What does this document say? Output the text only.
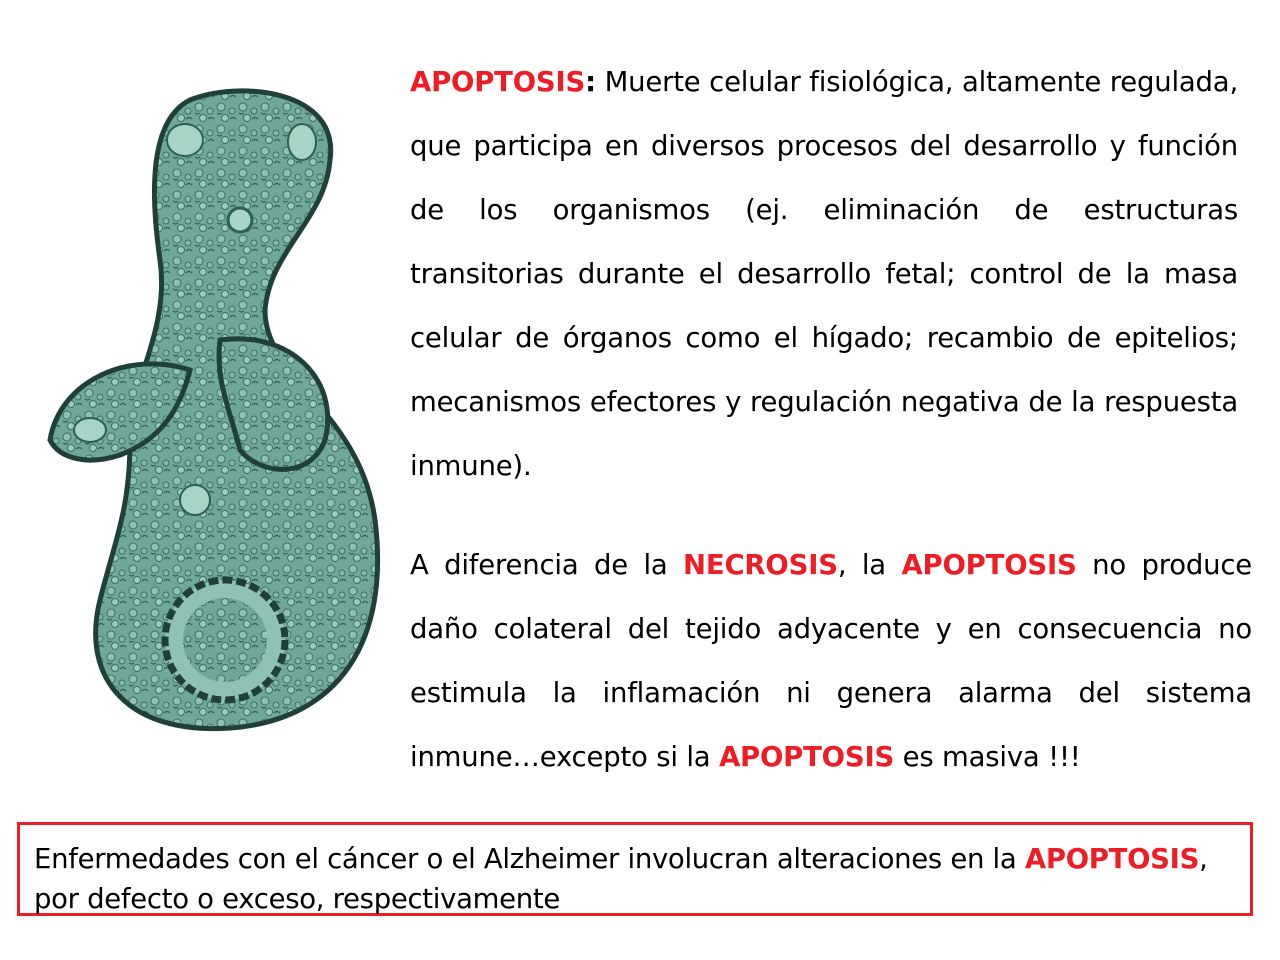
APOPTOSIS: Muerte celular fisiológica, altamente regulada, que participa en diversos procesos del desarrollo y función de los organismos (ej. eliminación de estructuras transitorias durante el desarrollo fetal; control de la masa celular de órganos como el hígado; recambio de epitelios; mecanismos efectores y regulación negativa de la respuesta inmune).

A diferencia de la NECROSIS, la APOPTOSIS no produce daño colateral del tejido adyacente y en consecuencia no estimula la inflamación ni genera alarma del sistema inmune…excepto si la APOPTOSIS es masiva !!!

Enfermedades con el cáncer o el Alzheimer involucran alteraciones en la APOPTOSIS, por defecto o exceso, respectivamente
